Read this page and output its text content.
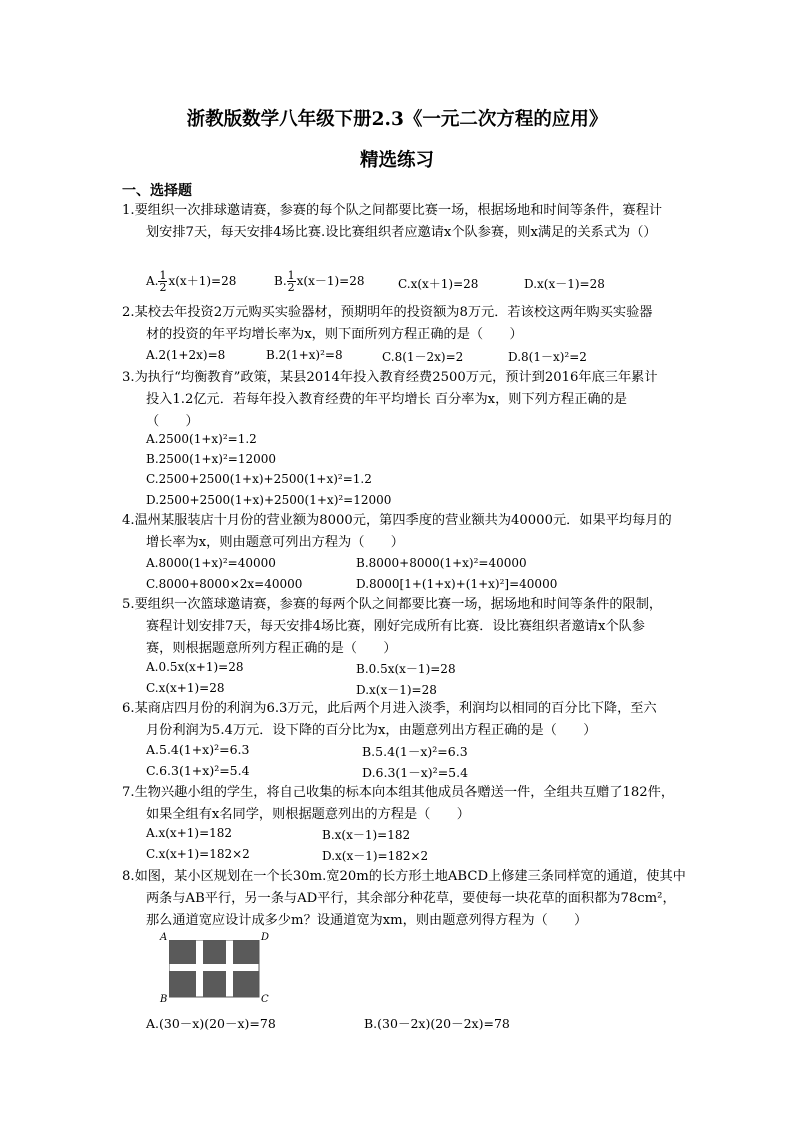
浙教版数学八年级下册2.3《一元二次方程的应用》
精选练习
一、选择题
1.要组织一次排球邀请赛，参赛的每个队之间都要比赛一场，根据场地和时间等条件，赛程计
划安排7天，每天安排4场比赛.设比赛组织者应邀请x个队参赛，则x满足的关系式为（）
A. $\frac{1}{2} x(x+1)=28$	B. $\frac{1}{2} x(x-1)=28$	C.x(x＋1)=28	D.x(x－1)=28
2.某校去年投资2万元购买实验器材，预期明年的投资额为8万元．若该校这两年购买实验器
材的投资的年平均增长率为x，则下面所列方程正确的是（　　）
A.2(1+2x)=8	B.2(1+x)²=8	C.8(1－2x)=2	D.8(1－x)²=2
3.为执行“均衡教育”政策，某县2014年投入教育经费2500万元，预计到2016年底三年累计
投入1.2亿元．若每年投入教育经费的年平均增长 百分率为x，则下列方程正确的是
（　　）
A.2500(1+x)²=1.2
B.2500(1+x)²=12000
C.2500+2500(1+x)+2500(1+x)²=1.2
D.2500+2500(1+x)+2500(1+x)²=12000
4.温州某服装店十月份的营业额为8000元，第四季度的营业额共为40000元．如果平均每月的
增长率为x，则由题意可列出方程为（　　）
A.8000(1+x)²=40000	B.8000+8000(1+x)²=40000
C.8000+8000×2x=40000	D.8000[1+(1+x)+(1+x)²]=40000
5.要组织一次篮球邀请赛，参赛的每两个队之间都要比赛一场，据场地和时间等条件的限制，
赛程计划安排7天，每天安排4场比赛，刚好完成所有比赛．设比赛组织者邀请x个队参
赛，则根据题意所列方程正确的是（　　）
A.0.5x(x+1)=28	B.0.5x(x－1)=28
C.x(x+1)=28	D.x(x－1)=28
6.某商店四月份的利润为6.3万元，此后两个月进入淡季，利润均以相同的百分比下降，至六
月份利润为5.4万元．设下降的百分比为x，由题意列出方程正确的是（　　）
A.5.4(1+x)²=6.3	B.5.4(1－x)²=6.3
C.6.3(1+x)²=5.4	D.6.3(1－x)²=5.4
7.生物兴趣小组的学生，将自己收集的标本向本组其他成员各赠送一件，全组共互赠了182件，
如果全组有x名同学，则根据题意列出的方程是（　　）
A.x(x+1)=182	B.x(x－1)=182
C.x(x+1)=182×2	D.x(x－1)=182×2
8.如图，某小区规划在一个长30m.宽20m的长方形土地ABCD上修建三条同样宽的通道，使其中
两条与AB平行，另一条与AD平行，其余部分种花草，要使每一块花草的面积都为78cm²，
那么通道宽应设计成多少m？设通道宽为xm，则由题意列得方程为（　　）
A	D
B	C
A.(30－x)(20－x)=78	B.(30－2x)(20－2x)=78
